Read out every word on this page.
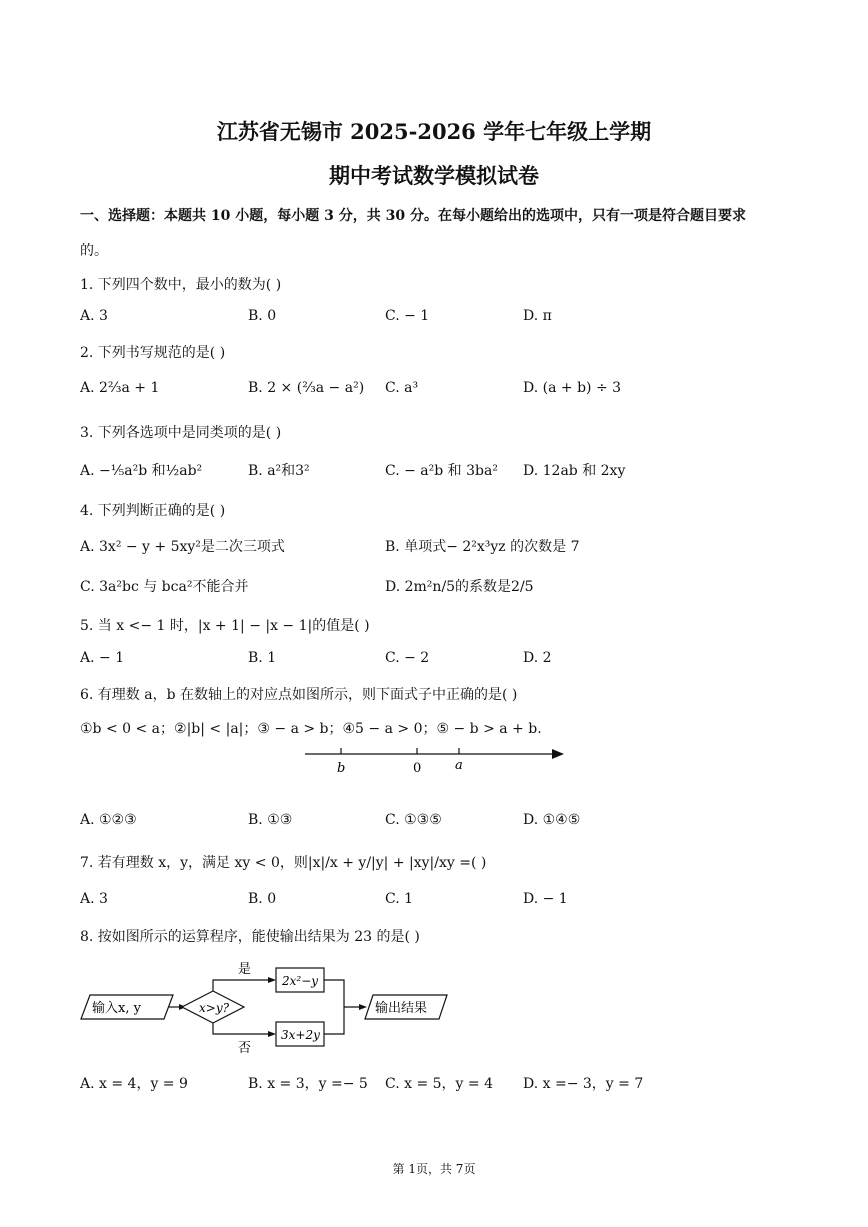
江苏省无锡市 2025-2026 学年七年级上学期
期中考试数学模拟试卷
一、选择题：本题共 10 小题，每小题 3 分，共 30 分。在每小题给出的选项中，只有一项是符合题目要求
的。
1. 下列四个数中，最小的数为( )
A. 3	B. 0	C. − 1	D. π
2. 下列书写规范的是( )
A. 2⅔a + 1	B. 2 × (⅔a − a²) C. a³	D. (a + b) ÷ 3
3. 下列各选项中是同类项的是( )
A. −⅕a²b 和½ab²	B. a²和3²	C. − a²b 和 3ba² D. 12ab 和 2xy
4. 下列判断正确的是( )
A. 3x² − y + 5xy²是二次三项式	B. 单项式− 2²x³yz 的次数是 7
C. 3a²bc 与 bca²不能合并	D. 2m²n/5的系数是2/5
5. 当 x <− 1 时，|x + 1| − |x − 1|的值是( )
A. − 1	B. 1	C. − 2	D. 2
6. 有理数 a，b 在数轴上的对应点如图所示，则下面式子中正确的是( )
①b < 0 < a；②|b| < |a|；③ − a > b；④5 − a > 0；⑤ − b > a + b.
b	0	a
A. ①②③	B. ①③	C. ①③⑤	D. ①④⑤
7. 若有理数 x，y，满足 xy < 0，则|x|/x + y/|y| + |xy|/xy =( )
A. 3	B. 0	C. 1	D. − 1
8. 按如图所示的运算程序，能使输出结果为 23 的是( )
输入x, y	x>y?
是
2x²−y
否
3x+2y
输出结果
A. x = 4，y = 9	B. x = 3，y =− 5 C. x = 5，y = 4 D. x =− 3，y = 7
第 1页，共 7页
